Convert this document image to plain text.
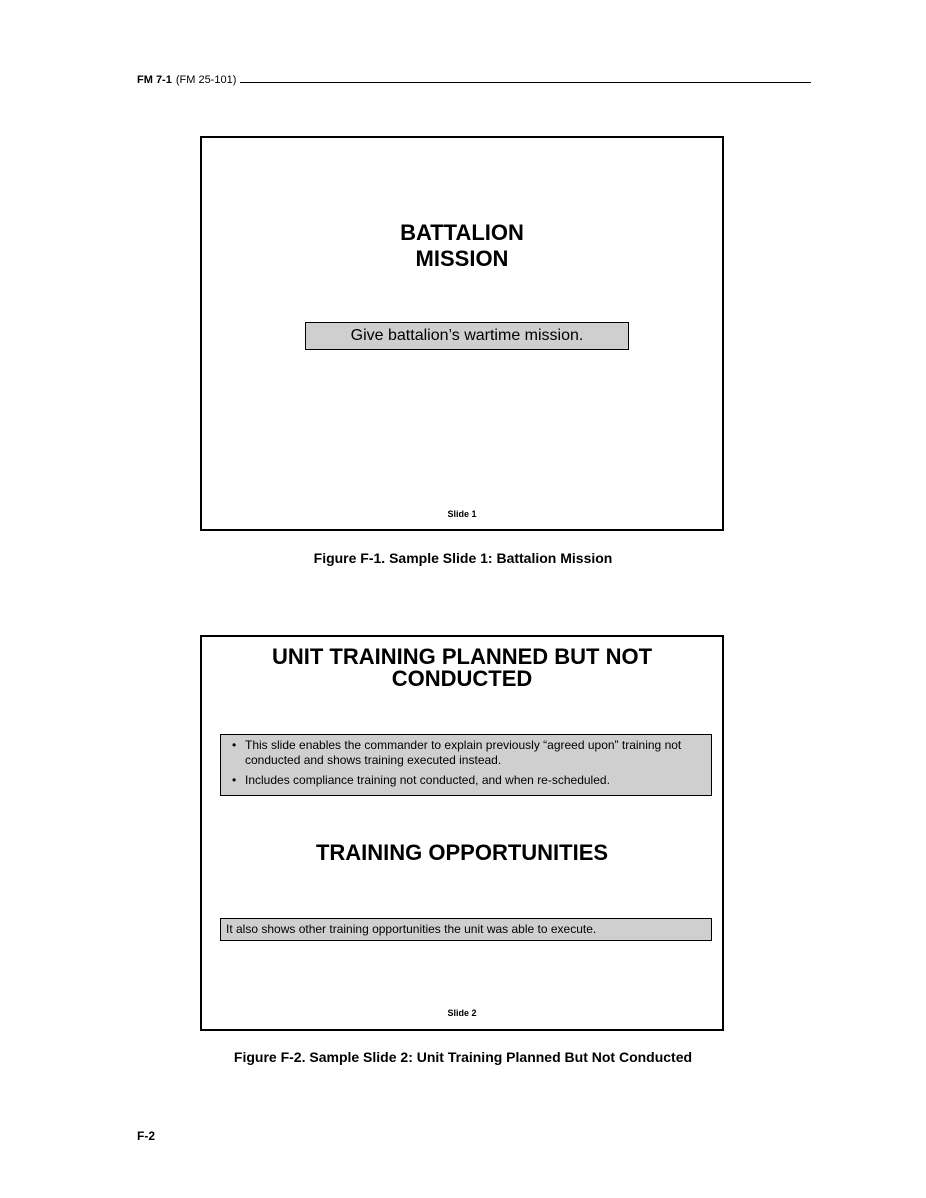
FM 7-1 (FM 25-101)
BATTALION
MISSION
Give battalion’s wartime mission.
Slide 1
Figure F-1. Sample Slide 1: Battalion Mission
UNIT TRAINING PLANNED BUT NOT
CONDUCTED
• This slide enables the commander to explain previously “agreed upon” training not conducted and shows training executed instead.
• Includes compliance training not conducted, and when re-scheduled.
TRAINING OPPORTUNITIES
It also shows other training opportunities the unit was able to execute.
Slide 2
Figure F-2. Sample Slide 2: Unit Training Planned But Not Conducted
F-2
